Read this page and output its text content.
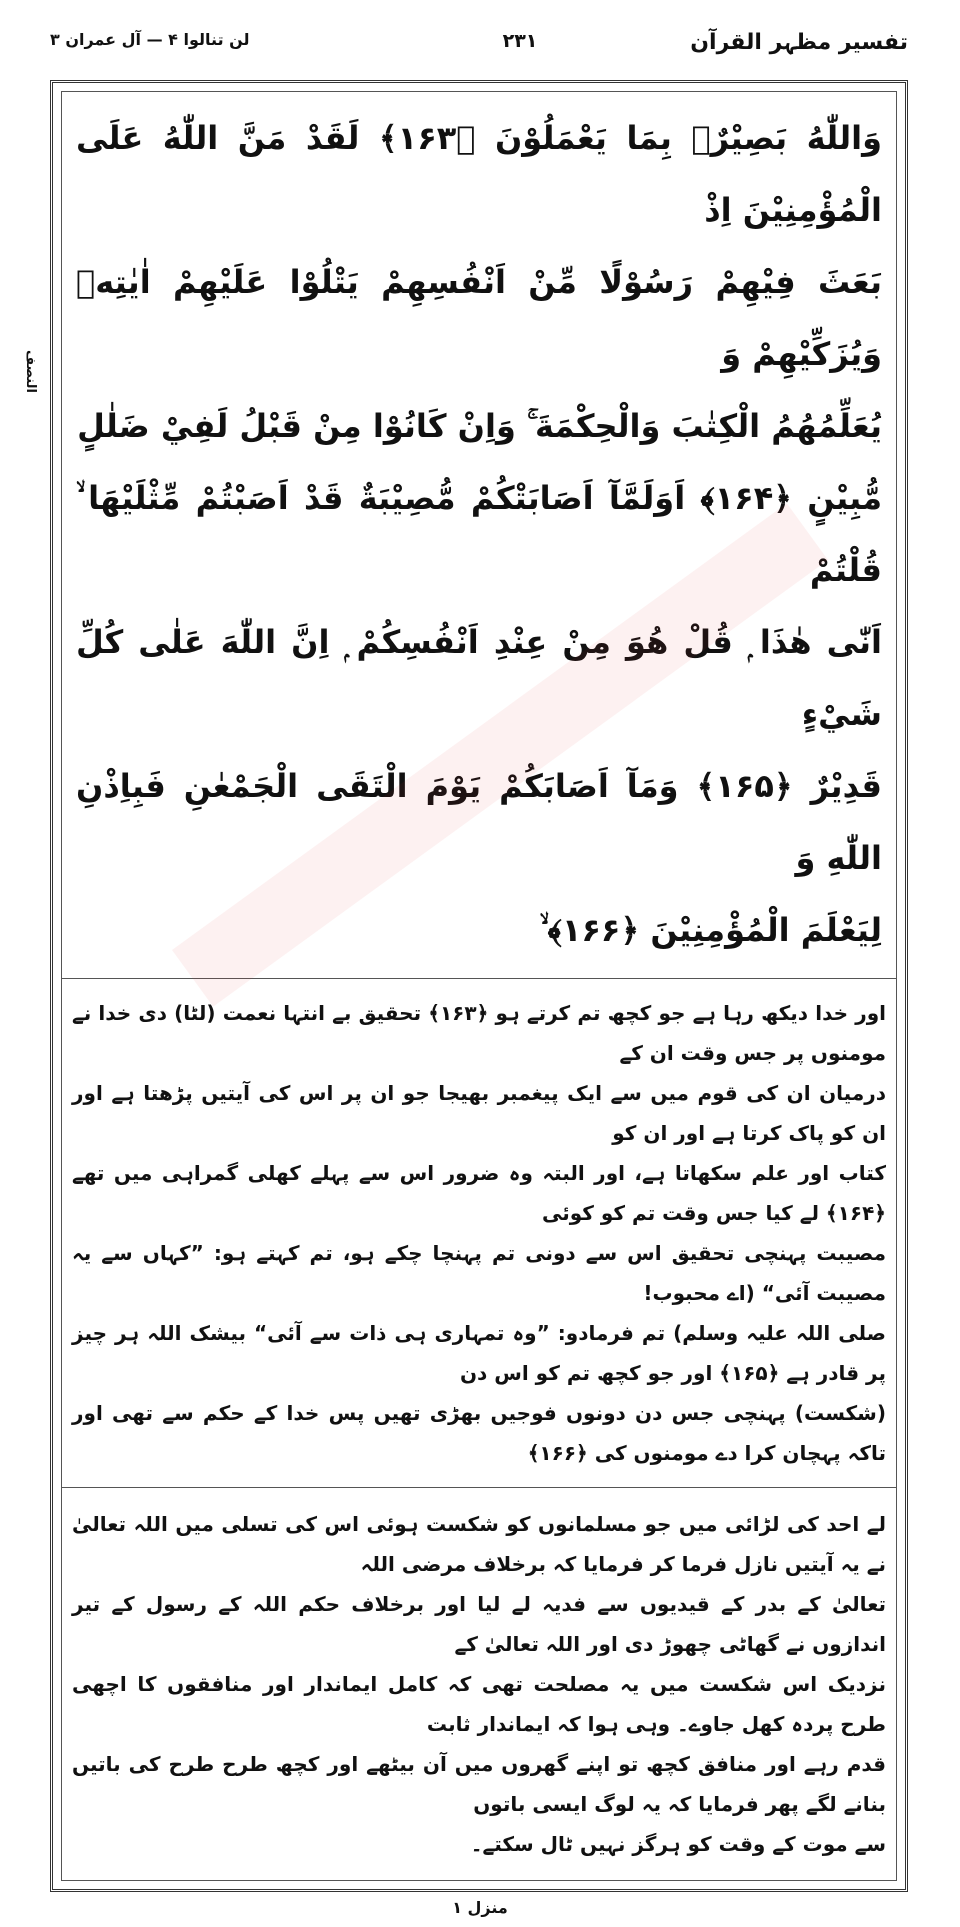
تفسیر مظہر القرآن
۲۳۱
لن تنالوا ۴ — آل عمران ۳
النصف
وَاللّٰهُ بَصِيْرٌۢ بِمَا يَعْمَلُوْنَ ﴿۱۶۳﴾ لَقَدْ مَنَّ اللّٰهُ عَلَى الْمُؤْمِنِيْنَ اِذْ
بَعَثَ فِيْهِمْ رَسُوْلًا مِّنْ اَنْفُسِهِمْ يَتْلُوْا عَلَيْهِمْ اٰيٰتِهٖ وَيُزَكِّيْهِمْ وَ
يُعَلِّمُهُمُ الْكِتٰبَ وَالْحِكْمَةَ ۚ وَاِنْ كَانُوْا مِنْ قَبْلُ لَفِيْ ضَلٰلٍ
مُّبِيْنٍ ﴿۱۶۴﴾ اَوَلَمَّآ اَصَابَتْكُمْ مُّصِيْبَةٌ قَدْ اَصَبْتُمْ مِّثْلَيْهَا ۙ قُلْتُمْ
اَنّٰى هٰذَا ۭ قُلْ هُوَ مِنْ عِنْدِ اَنْفُسِكُمْ ۭ اِنَّ اللّٰهَ عَلٰى كُلِّ شَيْءٍ
قَدِيْرٌ ﴿۱۶۵﴾ وَمَآ اَصَابَكُمْ يَوْمَ الْتَقَى الْجَمْعٰنِ فَبِاِذْنِ اللّٰهِ وَ
لِيَعْلَمَ الْمُؤْمِنِيْنَ ﴿۱۶۶﴾ ۙ
اور خدا دیکھ رہا ہے جو کچھ تم کرتے ہو ﴿۱۶۳﴾ تحقیق بے انتہا نعمت (لٹا) دی خدا نے مومنوں پر جس وقت ان کے
درمیان ان کی قوم میں سے ایک پیغمبر بھیجا جو ان پر اس کی آیتیں پڑھتا ہے اور ان کو پاک کرتا ہے اور ان کو
کتاب اور علم سکھاتا ہے، اور البتہ وہ ضرور اس سے پہلے کھلی گمراہی میں تھے ﴿۱۶۴﴾ لے کیا جس وقت تم کو کوئی
مصیبت پہنچی تحقیق اس سے دونی تم پہنچا چکے ہو، تم کہتے ہو: ”کہاں سے یہ مصیبت آئی“ (اے محبوب!
صلی اللہ علیہ وسلم) تم فرمادو: ”وہ تمہاری ہی ذات سے آئی“ بیشک اللہ ہر چیز پر قادر ہے ﴿۱۶۵﴾ اور جو کچھ تم کو اس دن
(شکست) پہنچی جس دن دونوں فوجیں بھڑی تھیں پس خدا کے حکم سے تھی اور تاکہ پہچان کرا دے مومنوں کی ﴿۱۶۶﴾
لے احد کی لڑائی میں جو مسلمانوں کو شکست ہوئی اس کی تسلی میں اللہ تعالیٰ نے یہ آیتیں نازل فرما کر فرمایا کہ برخلاف مرضی اللہ
تعالیٰ کے بدر کے قیدیوں سے فدیہ لے لیا اور برخلاف حکم اللہ کے رسول کے تیر اندازوں نے گھاٹی چھوڑ دی اور اللہ تعالیٰ کے
نزدیک اس شکست میں یہ مصلحت تھی کہ کامل ایماندار اور منافقوں کا اچھی طرح پردہ کھل جاوے۔ وہی ہوا کہ ایماندار ثابت
قدم رہے اور منافق کچھ تو اپنے گھروں میں آن بیٹھے اور کچھ طرح طرح کی باتیں بنانے لگے پھر فرمایا کہ یہ لوگ ایسی باتوں
سے موت کے وقت کو ہرگز نہیں ٹال سکتے۔
منزل ۱
